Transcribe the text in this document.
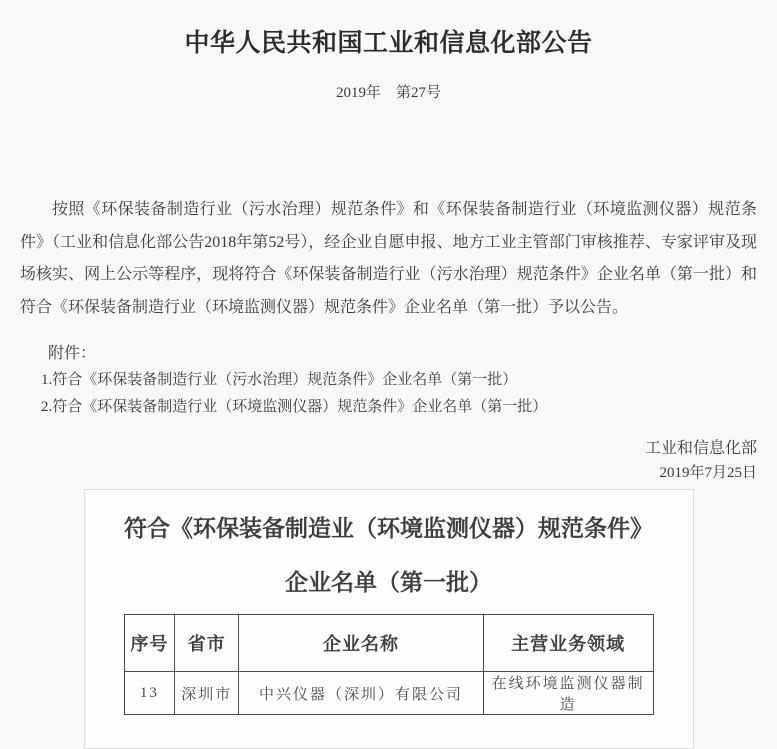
中华人民共和国工业和信息化部公告
2019年　第27号

按照《环保装备制造行业（污水治理）规范条件》和《环保装备制造行业（环境监测仪器）规范条件》（工业和信息化部公告2018年第52号），经企业自愿申报、地方工业主管部门审核推荐、专家评审及现场核实、网上公示等程序，现将符合《环保装备制造行业（污水治理）规范条件》企业名单（第一批）和符合《环保装备制造行业（环境监测仪器）规范条件》企业名单（第一批）予以公告。

附件：
1.符合《环保装备制造行业（污水治理）规范条件》企业名单（第一批）
2.符合《环保装备制造行业（环境监测仪器）规范条件》企业名单（第一批）
工业和信息化部
2019年7月25日
符合《环保装备制造业（环境监测仪器）规范条件》
企业名单（第一批）
序号	省市	企业名称	主营业务领域
13	深圳市	中兴仪器（深圳）有限公司	在线环境监测仪器制造
